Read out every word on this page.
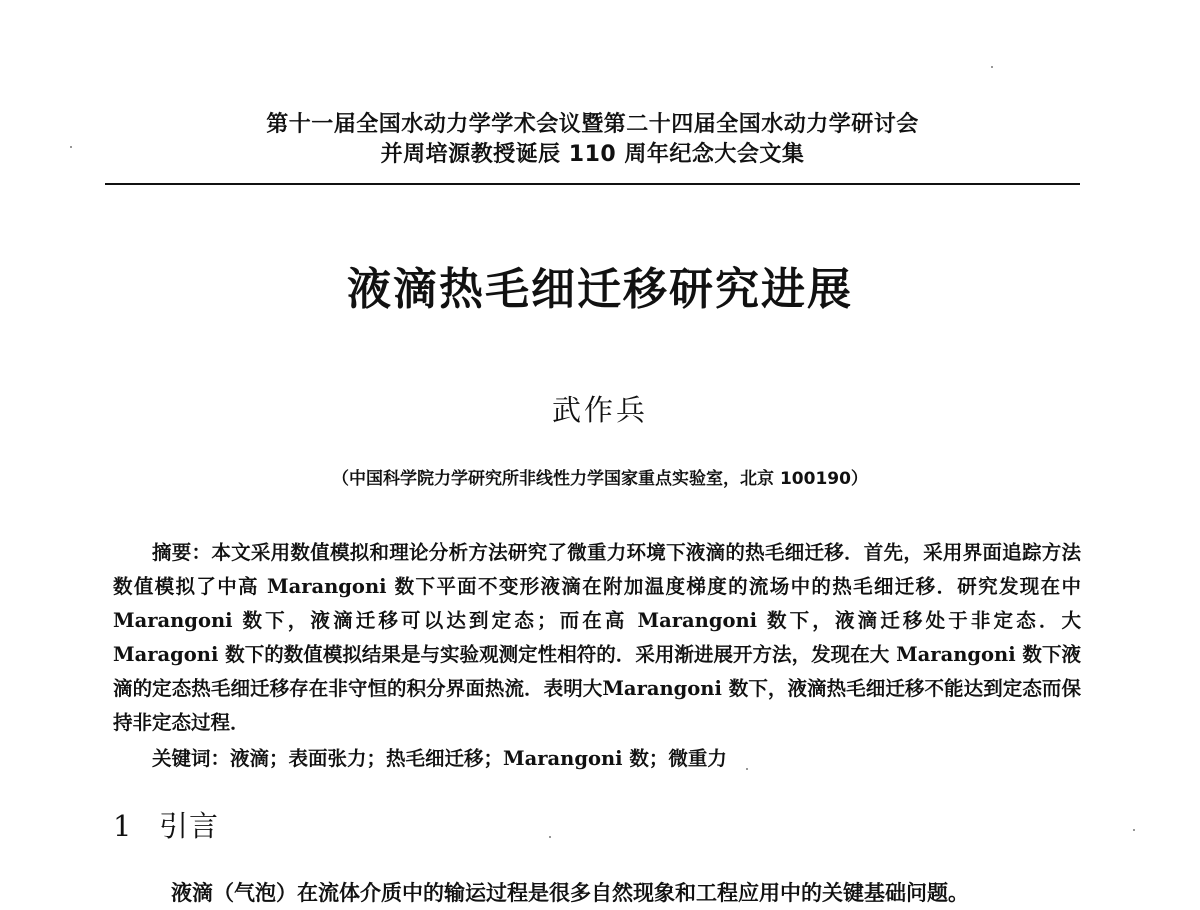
第十一届全国水动力学学术会议暨第二十四届全国水动力学研讨会
并周培源教授诞辰 110 周年纪念大会文集
液滴热毛细迁移研究进展
武作兵
（中国科学院力学研究所非线性力学国家重点实验室，北京 100190）
摘要：本文采用数值模拟和理论分析方法研究了微重力环境下液滴的热毛细迁移．首先，采用界面追踪方法数值模拟了中高 Marangoni 数下平面不变形液滴在附加温度梯度的流场中的热毛细迁移．研究发现在中 Marangoni 数下，液滴迁移可以达到定态；而在高 Marangoni 数下，液滴迁移处于非定态．大Maragoni 数下的数值模拟结果是与实验观测定性相符的．采用渐进展开方法，发现在大 Marangoni 数下液滴的定态热毛细迁移存在非守恒的积分界面热流．表明大Marangoni 数下，液滴热毛细迁移不能达到定态而保持非定态过程．
关键词：液滴；表面张力；热毛细迁移；Marangoni 数；微重力
1 引言
液滴（气泡）在流体介质中的输运过程是很多自然现象和工程应用中的关键基础问题。
